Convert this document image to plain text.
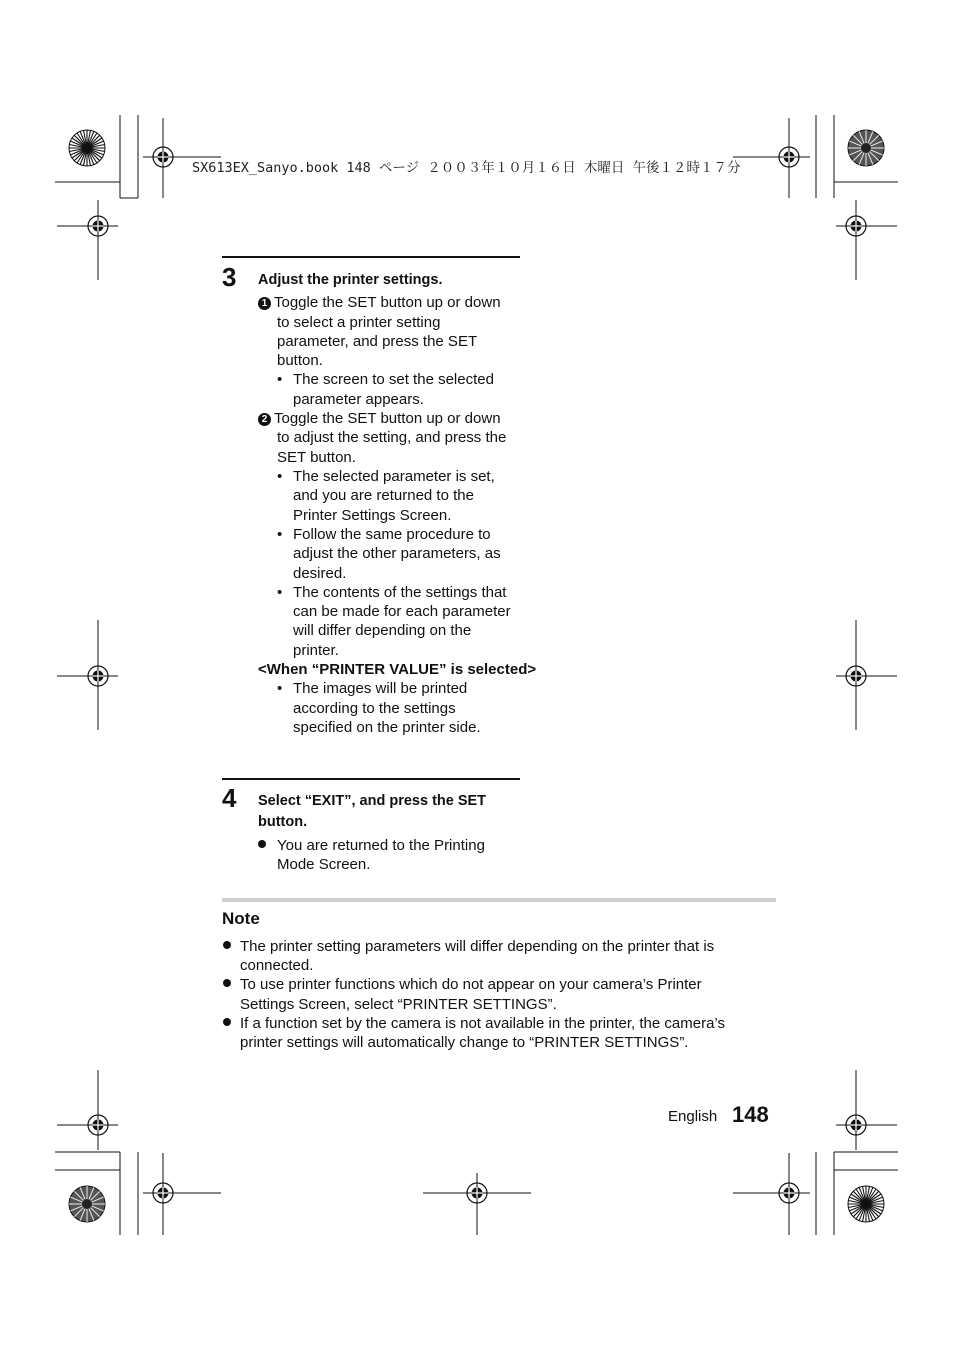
SX613EX_Sanyo.book 148 ページ ２００３年１０月１６日 木曜日 午後１２時１７分
3 Adjust the printer settings.
1 Toggle the SET button up or down
to select a printer setting
parameter, and press the SET
button.
• The screen to set the selected
parameter appears.
2 Toggle the SET button up or down
to adjust the setting, and press the
SET button.
• The selected parameter is set,
and you are returned to the
Printer Settings Screen.
• Follow the same procedure to
adjust the other parameters, as
desired.
• The contents of the settings that
can be made for each parameter
will differ depending on the
printer.
<When “PRINTER VALUE” is selected>
• The images will be printed
according to the settings
specified on the printer side.
4 Select “EXIT”, and press the SET
button.
You are returned to the Printing
Mode Screen.
Note
The printer setting parameters will differ depending on the printer that is
connected.
To use printer functions which do not appear on your camera’s Printer
Settings Screen, select “PRINTER SETTINGS”.
If a function set by the camera is not available in the printer, the camera’s
printer settings will automatically change to “PRINTER SETTINGS”.
English 148
